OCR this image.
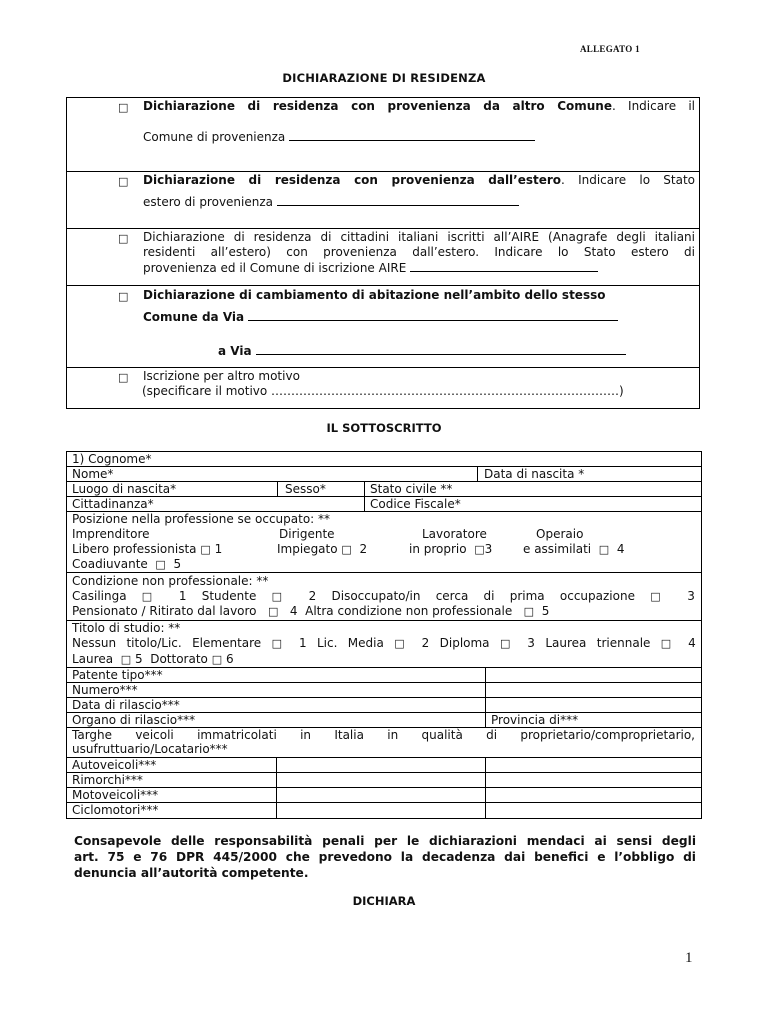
ALLEGATO 1
DICHIARAZIONE DI RESIDENZA
□ Dichiarazione di residenza con provenienza da altro Comune. Indicare il
Comune di provenienza
□ Dichiarazione di residenza con provenienza dall’estero. Indicare lo Stato
estero di provenienza
□ Dichiarazione di residenza di cittadini italiani iscritti all’AIRE (Anagrafe degli italiani
residenti all’estero) con provenienza dall’estero. Indicare lo Stato estero di
provenienza ed il Comune di iscrizione AIRE
□ Dichiarazione di cambiamento di abitazione nell’ambito dello stesso
Comune da Via
a Via
□ Iscrizione per altro motivo
(specificare il motivo ……………………………………………………………………………)
IL SOTTOSCRITTO
1) Cognome*
Nome*	Data di nascita *
Luogo di nascita*	Sesso*	Stato civile **
Cittadinanza*	Codice Fiscale*
Posizione nella professione se occupato: **
Imprenditore	Dirigente	Lavoratore	Operaio
Libero professionista □ 1	Impiegato □ 2	in proprio □3	e assimilati □ 4
Coadiuvante □ 5
Condizione non professionale: **
Casilinga □ 1 Studente □ 2 Disoccupato/in cerca di prima occupazione □ 3
Pensionato / Ritirato dal lavoro □ 4 Altra condizione non professionale □ 5
Titolo di studio: **
Nessun titolo/Lic. Elementare □ 1 Lic. Media □ 2 Diploma □ 3 Laurea triennale □ 4
Laurea □ 5 Dottorato □ 6
Patente tipo***
Numero***
Data di rilascio***
Organo di rilascio***	Provincia di***
Targhe veicoli immatricolati in Italia in qualità di proprietario/comproprietario,
usufruttuario/Locatario***
Autoveicoli***
Rimorchi***
Motoveicoli***
Ciclomotori***
Consapevole delle responsabilità penali per le dichiarazioni mendaci ai sensi degli
art. 75 e 76 DPR 445/2000 che prevedono la decadenza dai benefici e l’obbligo di
denuncia all’autorità competente.
DICHIARA
1
